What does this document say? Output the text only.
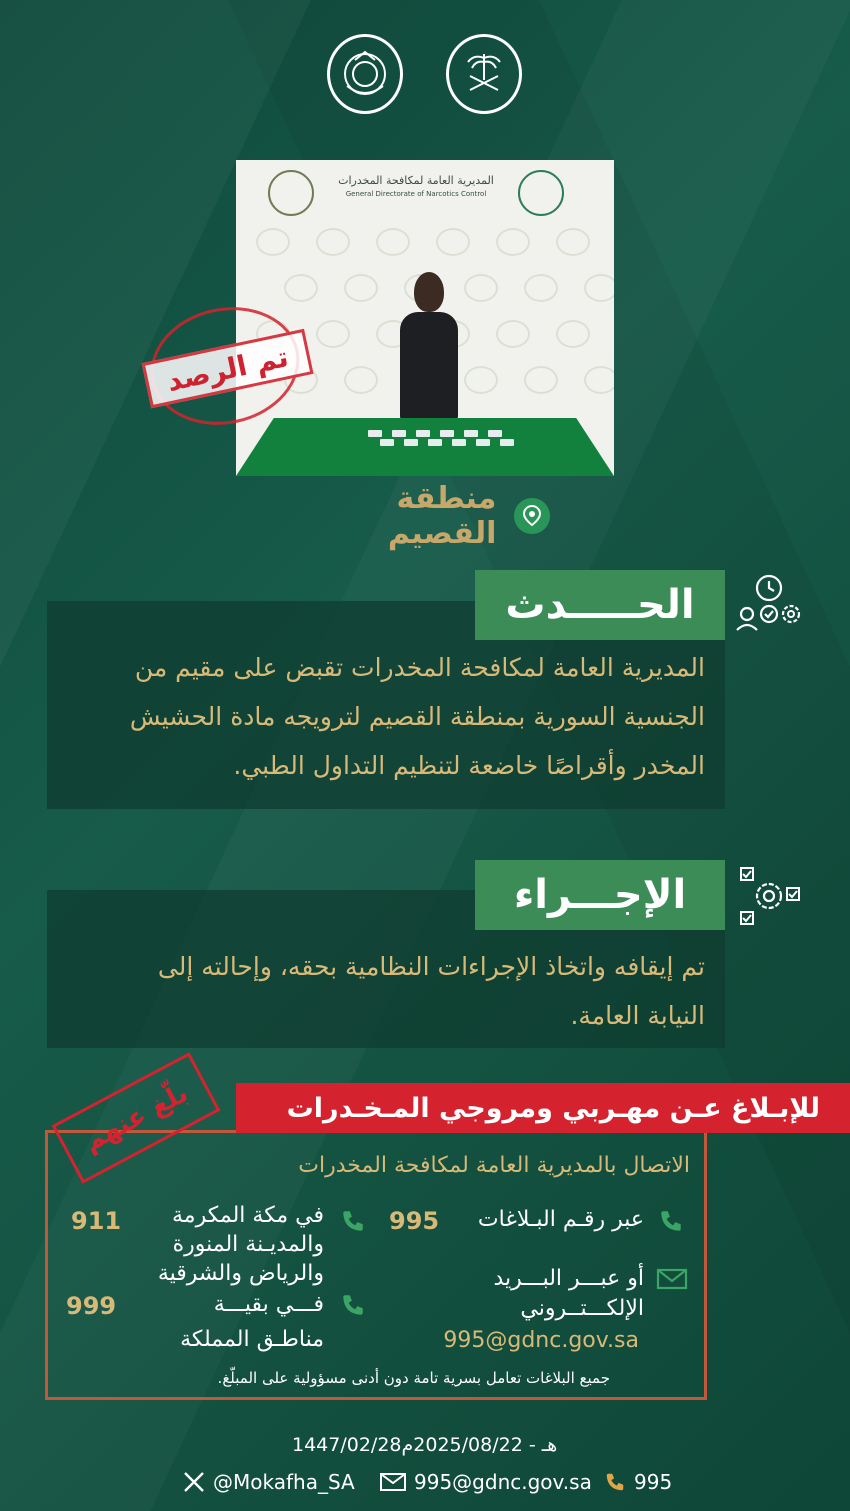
المديرية العامة لمكافحة المخدرات
General Directorate of Narcotics Control
تم الرصد
منطقة القصيم
المديرية العامة لمكافحة المخدرات تقبض على مقيم من
الجنسية السورية بمنطقة القصيم لترويجه مادة الحشيش
المخدر وأقراصًا خاضعة لتنظيم التداول الطبي.
الحـــــدث
تم إيقافه واتخاذ الإجراءات النظامية بحقه، وإحالته إلى
النيابة العامة.
الإجـــراء
للإبـلاغ عـن مهـربي ومروجي المـخـدرات
بلّغ عنهم
الاتصال بالمديرية العامة لمكافحة المخدرات
عبر رقـم البـلاغات
995
أو عبـــر البـــريد
الإلكـــتــروني
995@gdnc.gov.sa
في مكة المكرمة
والمديـنة المنورة
والرياض والشرقية
911
فـــي بقيـــة
مناطـق المملكة
999
جميع البلاغات تعامل بسرية تامة دون أدنى مسؤولية على المبلّغ.
1447/02/28هـ - 2025/08/22م
@Mokafha_SA	995@gdnc.gov.sa 995
